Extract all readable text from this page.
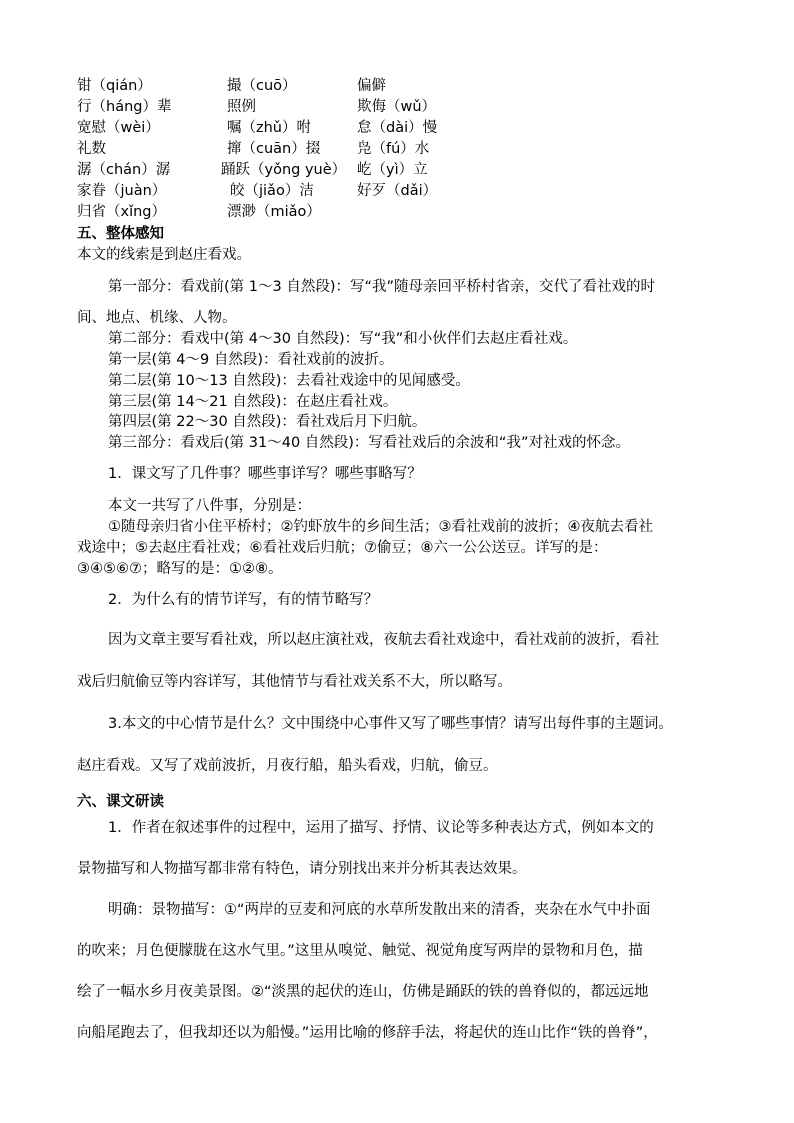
钳（qián）	撮（cuō）	偏僻
行（háng）辈	照例	欺侮（wǔ）
宽慰（wèi）	嘱（zhǔ）咐	怠（dài）慢
礼数	撺（cuān）掇	凫（fú）水
潺（chán）潺	踊跃（yǒng yuè） 屹（yì）立
家眷（juàn）	皎（jiǎo）洁	好歹（dǎi）
归省（xǐng）	漂渺（miǎo）
五、整体感知
本文的线索是到赵庄看戏。
第一部分：看戏前(第 1～3 自然段)：写“我”随母亲回平桥村省亲，交代了看社戏的时
间、地点、机缘、人物。
第二部分：看戏中(第 4～30 自然段)：写“我”和小伙伴们去赵庄看社戏。
第一层(第 4～9 自然段)：看社戏前的波折。
第二层(第 10～13 自然段)：去看社戏途中的见闻感受。
第三层(第 14～21 自然段)：在赵庄看社戏。
第四层(第 22～30 自然段)：看社戏后月下归航。
第三部分：看戏后(第 31～40 自然段)：写看社戏后的余波和“我”对社戏的怀念。
1．课文写了几件事？哪些事详写？哪些事略写？
本文一共写了八件事，分别是：
①随母亲归省小住平桥村；②钓虾放牛的乡间生活；③看社戏前的波折；④夜航去看社
戏途中；⑤去赵庄看社戏；⑥看社戏后归航；⑦偷豆；⑧六一公公送豆。详写的是：
③④⑤⑥⑦；略写的是：①②⑧。
2．为什么有的情节详写，有的情节略写？
因为文章主要写看社戏，所以赵庄演社戏，夜航去看社戏途中，看社戏前的波折，看社
戏后归航偷豆等内容详写，其他情节与看社戏关系不大，所以略写。
3.本文的中心情节是什么？文中围绕中心事件又写了哪些事情？请写出每件事的主题词。
赵庄看戏。又写了戏前波折，月夜行船，船头看戏，归航，偷豆。
六、课文研读
1．作者在叙述事件的过程中，运用了描写、抒情、议论等多种表达方式，例如本文的
景物描写和人物描写都非常有特色，请分别找出来并分析其表达效果。
明确：景物描写：①“两岸的豆麦和河底的水草所发散出来的清香，夹杂在水气中扑面
的吹来；月色便朦胧在这水气里。”这里从嗅觉、触觉、视觉角度写两岸的景物和月色，描
绘了一幅水乡月夜美景图。②“淡黑的起伏的连山，仿佛是踊跃的铁的兽脊似的，都远远地
向船尾跑去了，但我却还以为船慢。”运用比喻的修辞手法，将起伏的连山比作“铁的兽脊”，
